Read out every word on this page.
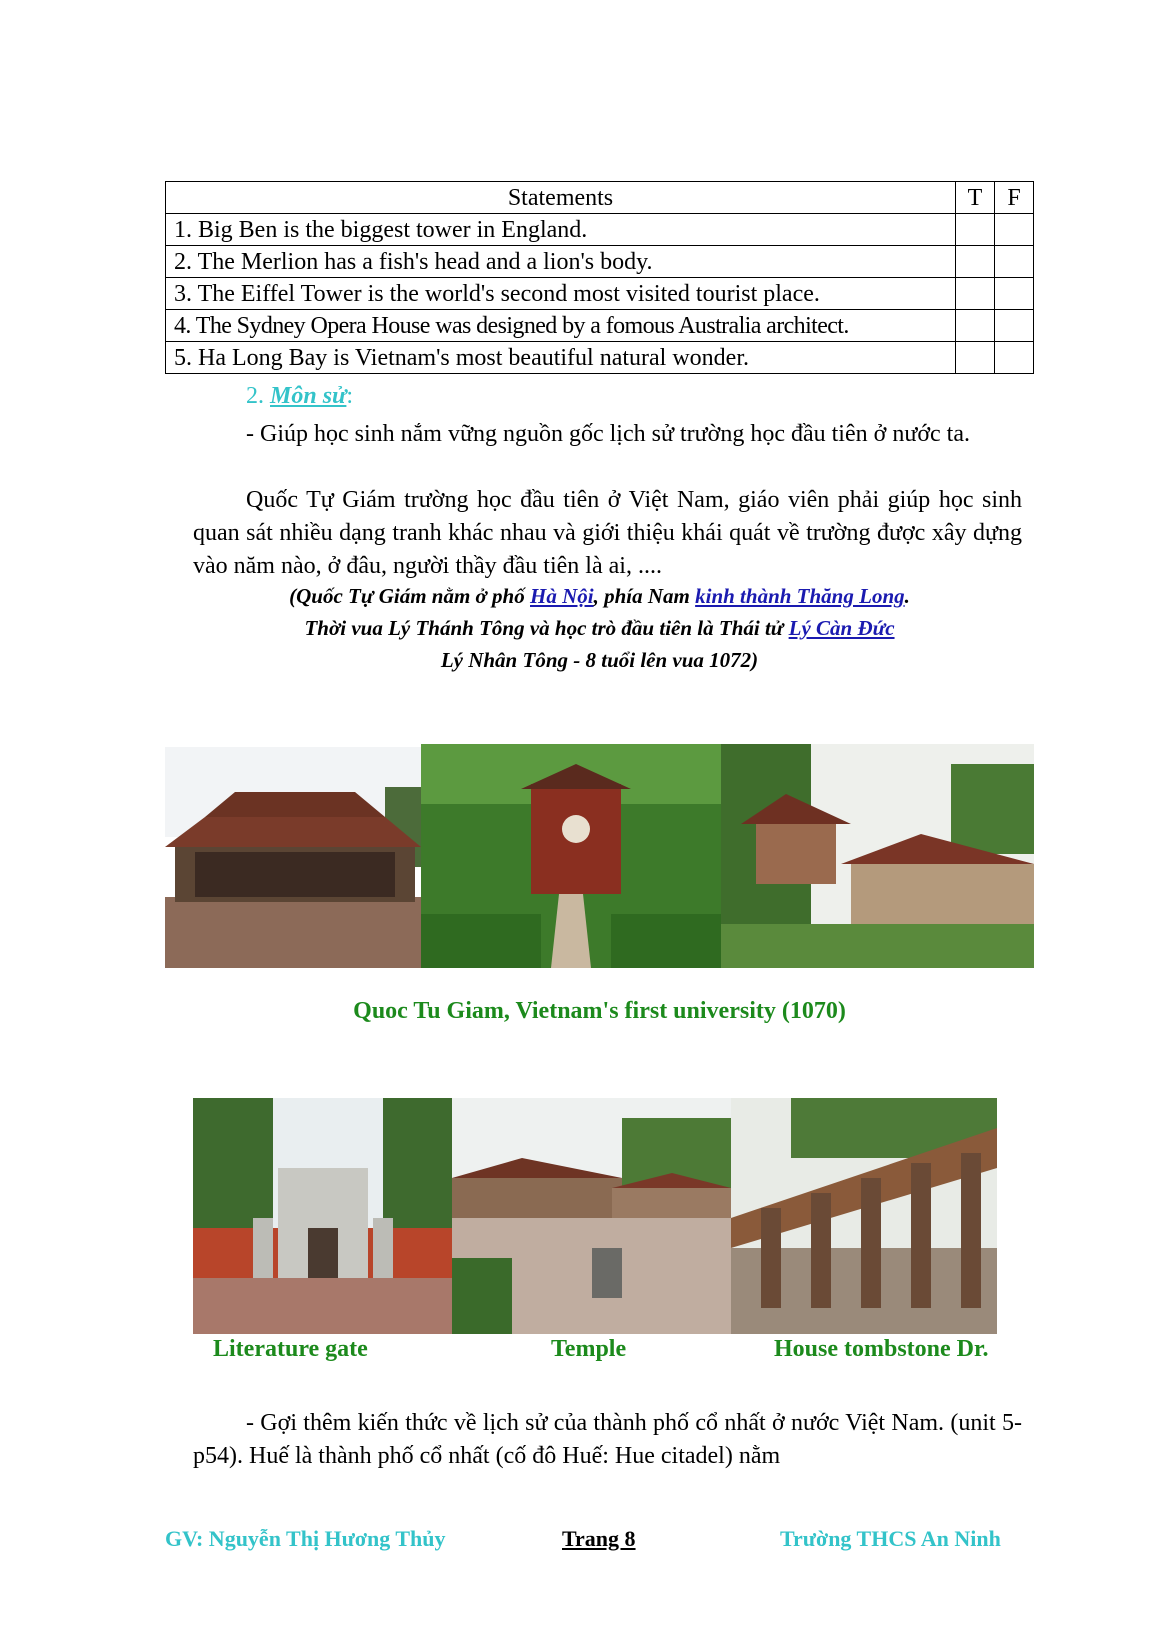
Statements	T	F
1. Big Ben is the biggest tower in England.		
2. The Merlion has a fish's head and a lion's body.		
3. The Eiffel Tower is the world's second most visited tourist place.		
4. The Sydney Opera House was designed by a fomous Australia architect.		
5. Ha Long Bay is Vietnam's most beautiful natural wonder.		
2. Môn sử:
- Giúp học sinh nắm vững nguồn gốc lịch sử trường học đầu tiên ở nước ta.
Quốc Tự Giám trường học đầu tiên ở Việt Nam, giáo viên phải giúp học sinh quan sát nhiều dạng tranh khác nhau và giới thiệu khái quát về trường được xây dựng vào năm nào, ở đâu, người thầy đầu tiên là ai, ....
(Quốc Tự Giám nằm ở phố Hà Nội, phía Nam kinh thành Thăng Long.
Thời vua Lý Thánh Tông và học trò đầu tiên là Thái tử Lý Càn Đức
Lý Nhân Tông - 8 tuổi lên vua 1072)
Quoc Tu Giam, Vietnam's first university (1070)
Literature gate	Temple	House tombstone Dr.
- Gợi thêm kiến thức về lịch sử của thành phố cổ nhất ở nước Việt Nam. (unit 5-p54). Huế là thành phố cổ nhất (cố đô Huế: Hue citadel) nằm
GV: Nguyễn Thị Hương Thủy	Trang 8	Trường THCS An Ninh
